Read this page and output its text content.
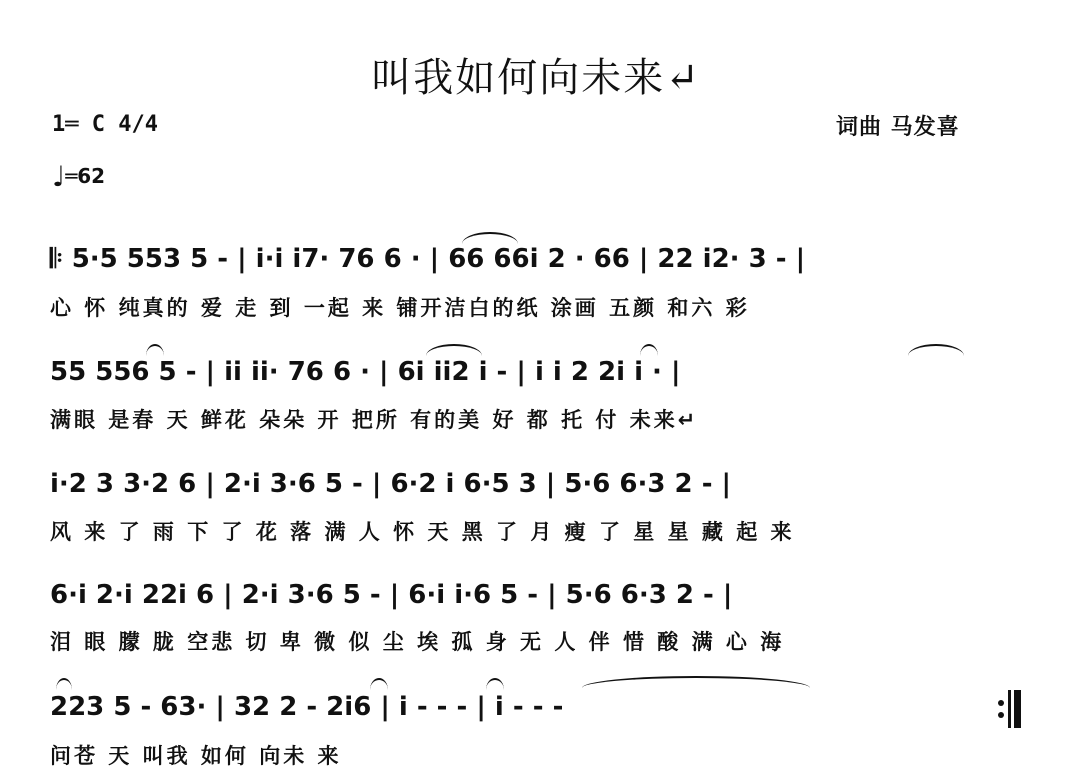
叫我如何向未来↵
1═ C 4/4
♩═62
词曲 马发喜
𝄆 5·5 553 5 - | i·i i7· 76 6 · | 66 66i 2 · 66 | 22 i2· 3 - |
心 怀 纯真的 爱 走 到 一起 来 铺开洁白的纸 涂画 五颜 和六 彩
55 556 5 - | ii ii· 76 6 · | 6i ii2 i - | i i 2 2i i · |
满眼 是春 天 鲜花 朵朵 开 把所 有的美 好 都 托 付 未来↵
i·2 3 3·2 6 | 2·i 3·6 5 - | 6·2 i 6·5 3 | 5·6 6·3 2 - |
风 来 了 雨 下 了 花 落 满 人 怀 天 黑 了 月 瘦 了 星 星 藏 起 来
6·i 2·i 22i 6 | 2·i 3·6 5 - | 6·i i·6 5 - | 5·6 6·3 2 - |
泪 眼 朦 胧 空悲 切 卑 微 似 尘 埃 孤 身 无 人 伴 惜 酸 满 心 海
223 5 - 63· | 32 2 - 2i6 | i - - - | i - - -
问苍 天 叫我 如何 向未 来
